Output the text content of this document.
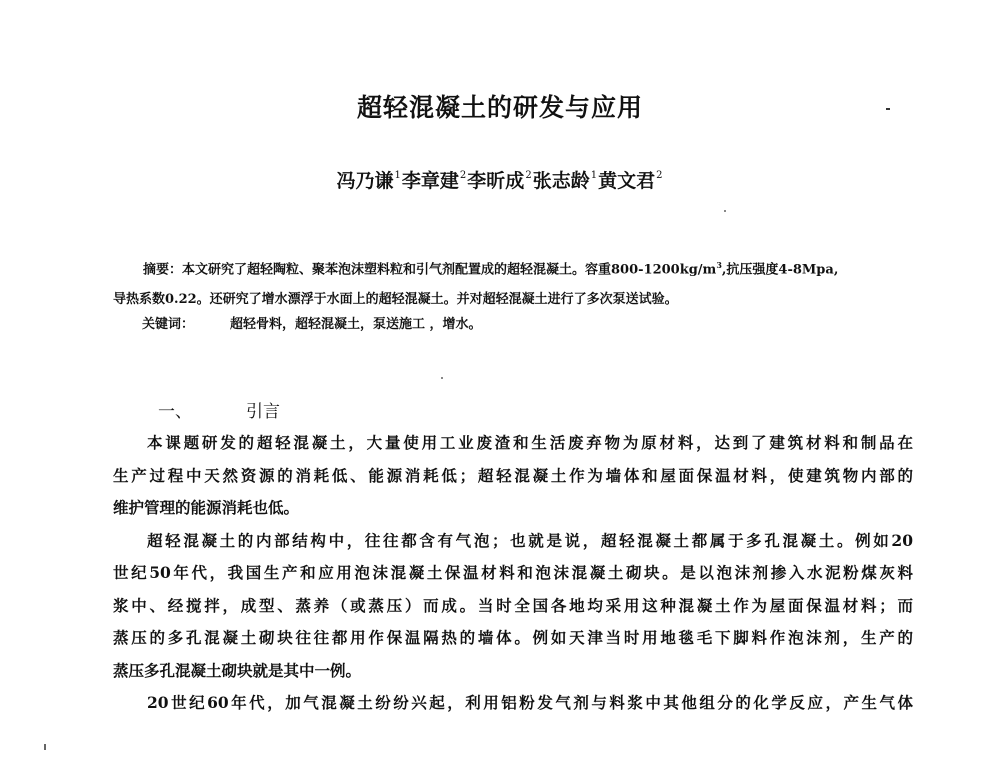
超轻混凝土的研发与应用
冯乃谦$^1$李章建$^2$李昕成$^2$张志龄$^1$黄文君$^2$
摘要：本文研究了超轻陶粒、聚苯泡沫塑料粒和引气剂配置成的超轻混凝土。容重$800-1200kg/m^3$,抗压强度4-8Mpa,
导热系数0.22。还研究了增水漂浮于水面上的超轻混凝土。并对超轻混凝土进行了多次泵送试验。
关键词：	超轻骨料，超轻混凝土，泵送施工 ，增水。
一、	引言
本课题研发的超轻混凝土，大量使用工业废渣和生活废弃物为原材料，达到了建筑材料和制品在
生产过程中天然资源的消耗低、能源消耗低；超轻混凝土作为墙体和屋面保温材料，使建筑物内部的
维护管理的能源消耗也低。
超轻混凝土的内部结构中，往往都含有气泡；也就是说，超轻混凝土都属于多孔混凝土。例如20
世纪50年代，我国生产和应用泡沫混凝土保温材料和泡沫混凝土砌块。是以泡沫剂掺入水泥粉煤灰料
浆中、经搅拌，成型、蒸养（或蒸压）而成。当时全国各地均采用这种混凝土作为屋面保温材料；而
蒸压的多孔混凝土砌块往往都用作保温隔热的墙体。例如天津当时用地毯毛下脚料作泡沫剂，生产的
蒸压多孔混凝土砌块就是其中一例。
20世纪60年代，加气混凝土纷纷兴起，利用铝粉发气剂与料浆中其他组分的化学反应，产生气体
